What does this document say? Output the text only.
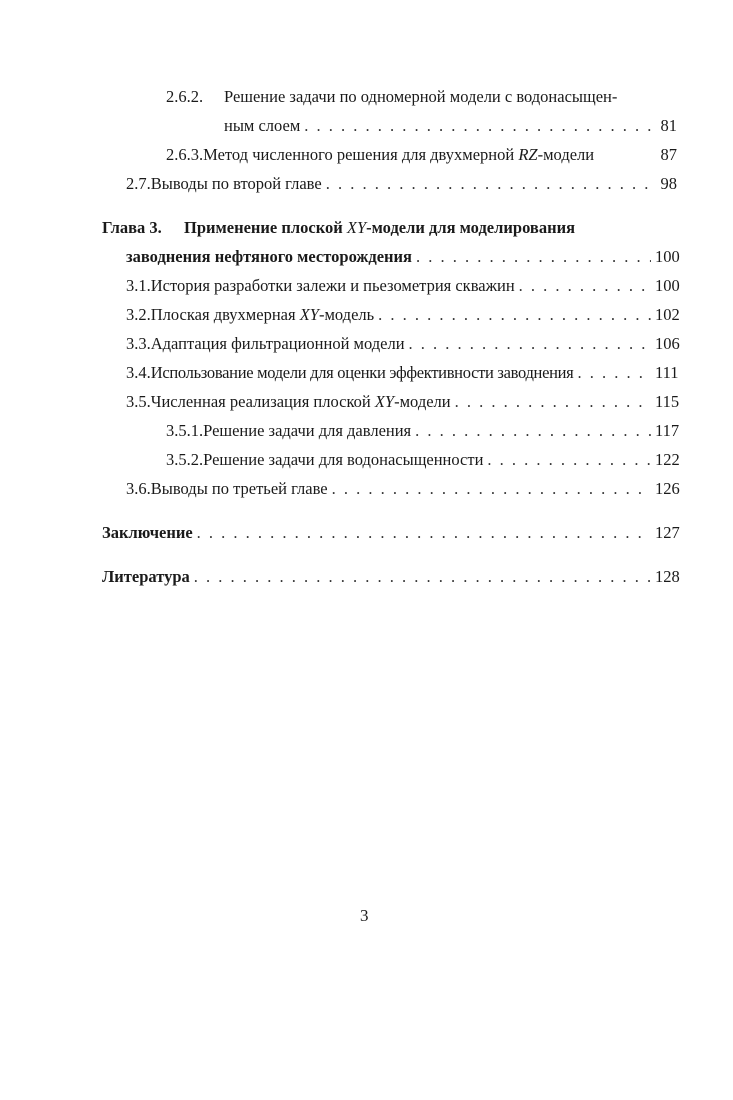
2.6.2.	Решение задачи по одномерной модели с водонасыщен-
ным слоем . . .	81
2.6.3. Метод численного решения для двухмерной RZ-модели	87
2.7. Выводы по второй главе . . .	98
Глава 3.	Применение плоской XY-модели для моделирования
заводнения нефтяного месторождения . . .	100
3.1. История разработки залежи и пьезометрия скважин . . .	100
3.2. Плоская двухмерная XY-модель . . .	102
3.3. Адаптация фильтрационной модели . . .	106
3.4. Использование модели для оценки эффективности заводнения . . .	111
3.5. Численная реализация плоской XY-модели . . .	115
3.5.1. Решение задачи для давления . . .	117
3.5.2. Решение задачи для водонасыщенности . . .	122
3.6. Выводы по третьей главе . . .	126
Заключение . . .	127
Литература . . .	128
3
